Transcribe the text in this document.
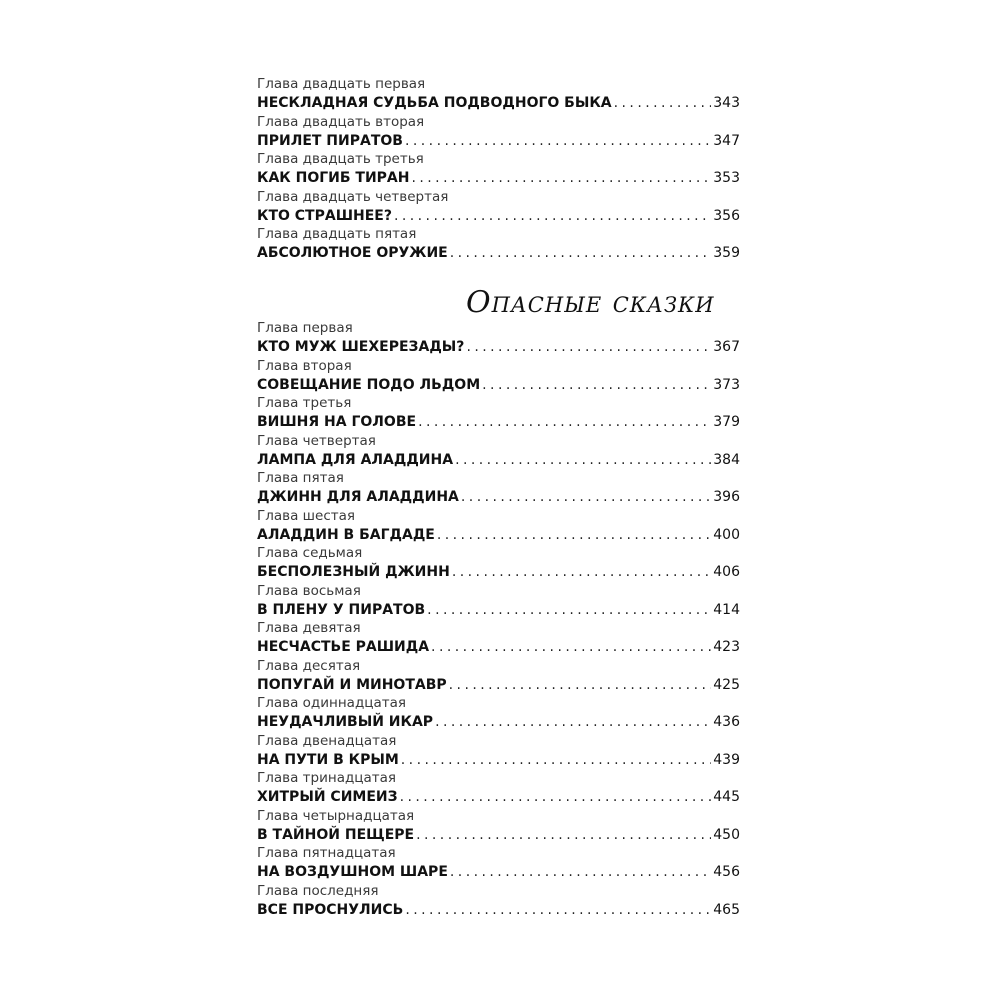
Глава двадцать первая
НЕСКЛАДНАЯ СУДЬБА ПОДВОДНОГО БЫКА . . .	343
Глава двадцать вторая
ПРИЛЕТ ПИРАТОВ . . .	347
Глава двадцать третья
КАК ПОГИБ ТИРАН . . .	353
Глава двадцать четвертая
КТО СТРАШНЕЕ? . . .	356
Глава двадцать пятая
АБСОЛЮТНОЕ ОРУЖИЕ . . .	359
Опасные сказки
Глава первая
КТО МУЖ ШЕХЕРЕЗАДЫ? . . .	367
Глава вторая
СОВЕЩАНИЕ ПОДО ЛЬДОМ . . .	373
Глава третья
ВИШНЯ НА ГОЛОВЕ . . .	379
Глава четвертая
ЛАМПА ДЛЯ АЛАДДИНА . . .	384
Глава пятая
ДЖИНН ДЛЯ АЛАДДИНА . . .	396
Глава шестая
АЛАДДИН В БАГДАДЕ . . .	400
Глава седьмая
БЕСПОЛЕЗНЫЙ ДЖИНН . . .	406
Глава восьмая
В ПЛЕНУ У ПИРАТОВ . . .	414
Глава девятая
НЕСЧАСТЬЕ РАШИДА . . .	423
Глава десятая
ПОПУГАЙ И МИНОТАВР . . .	425
Глава одиннадцатая
НЕУДАЧЛИВЫЙ ИКАР . . .	436
Глава двенадцатая
НА ПУТИ В КРЫМ . . .	439
Глава тринадцатая
ХИТРЫЙ СИМЕИЗ . . .	445
Глава четырнадцатая
В ТАЙНОЙ ПЕЩЕРЕ . . .	450
Глава пятнадцатая
НА ВОЗДУШНОМ ШАРЕ . . .	456
Глава последняя
ВСЕ ПРОСНУЛИСЬ . . .	465
